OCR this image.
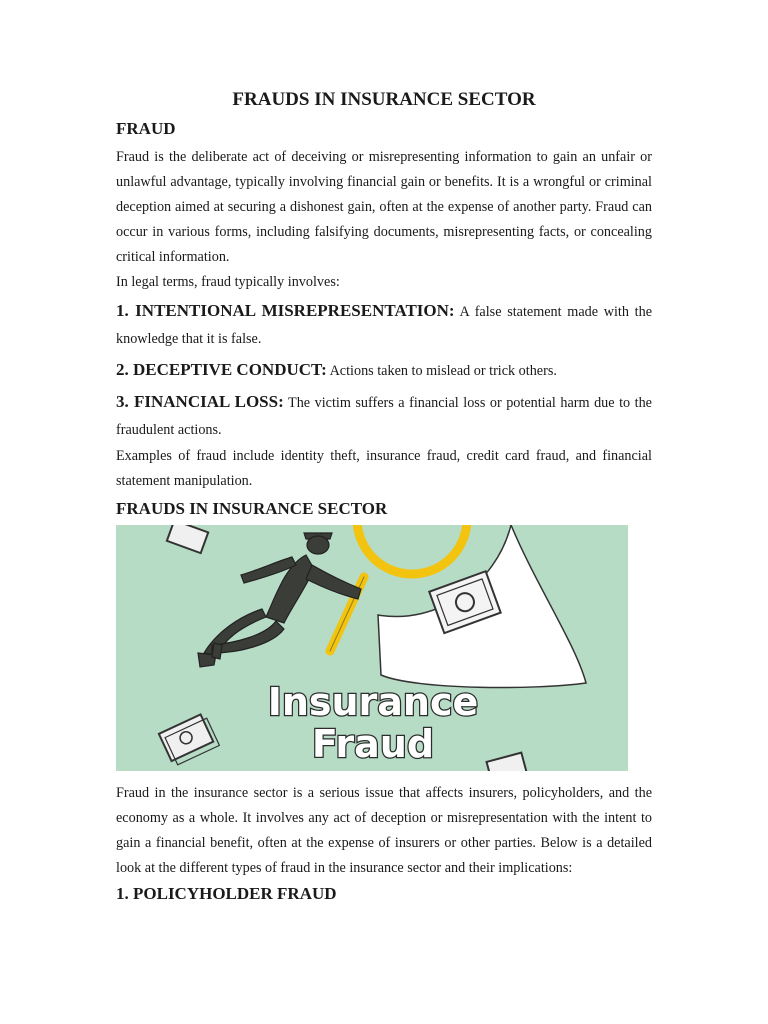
FRAUDS IN INSURANCE SECTOR
FRAUD

Fraud is the deliberate act of deceiving or misrepresenting information to gain an unfair or unlawful advantage, typically involving financial gain or benefits. It is a wrongful or criminal deception aimed at securing a dishonest gain, often at the expense of another party. Fraud can occur in various forms, including falsifying documents, misrepresenting facts, or concealing critical information.

In legal terms, fraud typically involves:

1. INTENTIONAL MISREPRESENTATION: A false statement made with the knowledge that it is false.

2. DECEPTIVE CONDUCT: Actions taken to mislead or trick others.

3. FINANCIAL LOSS: The victim suffers a financial loss or potential harm due to the fraudulent actions.

Examples of fraud include identity theft, insurance fraud, credit card fraud, and financial statement manipulation.

FRAUDS IN INSURANCE SECTOR
Insurance
Fraud

Fraud in the insurance sector is a serious issue that affects insurers, policyholders, and the economy as a whole. It involves any act of deception or misrepresentation with the intent to gain a financial benefit, often at the expense of insurers or other parties. Below is a detailed look at the different types of fraud in the insurance sector and their implications:

1. POLICYHOLDER FRAUD
